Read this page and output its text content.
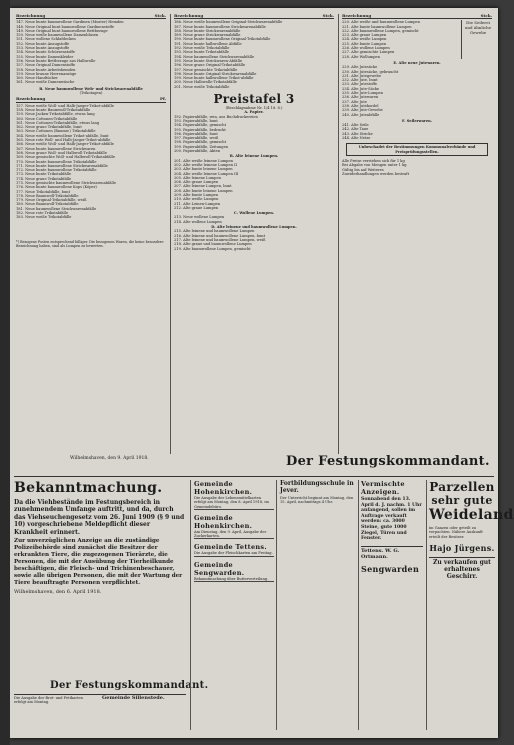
Bezeichnung	Stck.
147. Neue bunte baumwollene Gardinen (Muster) Hemden
148. Neue Original bunt baumwollene Gardinenstoffe
149. Neue Original bunt baumwollene Bettbezuge
150. Neue weiße baumwollene Damenblusen
151. Neue wollene Schlafdecken
152. Neue bunte Anzugstoffe
153. Neue bunte Anzugstoffe
154. Neue bunte Schürzenstoffe
155. Neue bunte Damenkleider
156. Neue bunte Bettbezuge aus Halbwolle
157. Neue Original Damenstoffe
158. Neue bunte Arbeitshemden
159. Neue braune Herrenanzüge
160. Neue Handtücher
161. Neue weiße Damenwäsche
B. Neue baumwollene Web- und Strickwarenabfälle
(Trikotagen)
Bezeichnung	Pf.
157. Neue weiße Woll- und Halb-Jaeger-Trikot-abfälle
158. Neue bunte Baumwoll-Trikotabfälle
159. Neue Jacken-Trikotabfälle, etwas lang
160. Neue Cottonen-Trikotabfälle
161. Neue Cottonen-Trikotabfälle, etwas lang
162. Neue graue Trikotabfälle, bunt
163. Neue Cottonen (Baumw.) Trikotabfälle
164. Neue weiße baumwollene Trikot-abfälle, bunt
165. Neue rote Woll- und Halb-Jaeger-Trikot-abfälle
166. Neue weiße Woll- und Halb-Jaeger-Trikot-abfälle
167. Neue bunte baumwollene Strickwaren
168. Neue graue Woll- und Halbwoll-Trikotabfälle
169. Neue gemischte Woll- und Halbwoll-Trikotabfälle
170. Neue bunte baumwollene Trikotabfälle
171. Neue bunte baumwollene Strickwarenabfälle
172. Neue bunte baumwollene Trikotabfälle
173. Neue bunte Trikotabfälle
174. Neue graue Trikotabfälle
175. Neue gemischte baumwollene Strickwarenabfälle
176. Neue bunte baumwollene Kops (Köper)
177. Neue Trikotabfälle, bunt
178. Neue Baumwoll-Trikotabfälle
179. Neue Original-Trikotabfälle, weiß
180. Neue Baumwoll-Trikotabfälle
181. Neue baumwollene Strickwarenabfälle
182. Neue rote Trikotabfälle
183. Neue weiße Trikotabfälle
*) Bezogene Posten entsprechend billiger. Die bezogenen Waren, die keine besondere Bezeichnung haben, sind als Lumpen zu bewerten.
Bezeichnung	Stck.
186. Neue weiße baumwollene Original-Strickwarenabfälle
187. Neue bunte baumwollene Strickwarenabfälle
188. Neue bunte Strickwarenabfälle
189. Neue graue Strickwarenabfälle
190. Neue bunte baumwollene Original-Trikotabfälle
191. Neue bunte halbwollene Abfälle
192. Neue weiße Trikotabfälle
193. Neue bunte Trikotabfälle
194. Neue baumwollene Strickwarenabfälle
195. Neue bunte Strickwaren-Abfälle
196. Neue graue Original-Trikotabfälle
197. Neue gemischte Trikotabfälle
198. Neue bunte Original-Strickwarenabfälle
199. Neue bunte halbwollene Trikot-abfälle
200. Neue Halbwolle-Trikotabfälle
201. Neue weiße Trikotabfälle
Preistafel 3
(Beschlagnahme Nr. 1/4 18. 8.)
A. Papier.
192. Papierabfälle, rein, aus Buchdruckereien
193. Papierabfälle, bunt
194. Papierabfälle, gemischt
195. Papierabfälle, bedruckt
196. Papierabfälle, bunt
197. Papierabfälle, weiß
198. Papierabfälle, gemischt
199. Papierabfälle, Zeitungen
200. Papierabfälle, Akten
B. Alte leinene Lumpen.
201. Alte weiße leinene Lumpen
202. Alte weiße leinene Lumpen II
203. Alte bunte leinene Lumpen
204. Alte weiße leinene Lumpen III
205. Alte leinene Lumpen
206. Alte graue Lumpen
207. Alte leinene Lumpen, bunt
208. Alte bunte leinene Lumpen
209. Alte bunte Lumpen
210. Alte weiße Lumpen
211. Alte Leinen-Lumpen
212. Alte graue Lumpen
C. Wollene Lumpen.
213. Neue wollene Lumpen
214. Alte wollene Lumpen
D. Alte leinene und baumwollene Lumpen.
215. Alte leinene und baumwollene Lumpen
216. Alte leinene und baumwollene Lumpen, bunt
217. Alte leinene und baumwollene Lumpen, weiß
218. Alte graue und baumwollene Lumpen
219. Alte baumwollene Lumpen, gemischt
Bezeichnung	Stck.
220. Alte weiße und baumwollene Lumpen
221. Alte bunte baumwollene Lumpen
222. Alte baumwollene Lumpen, gemischt
223. Alte graue Lumpen
224. Alte weiße Lumpen
225. Alte bunte Lumpen
226. Alte wollene Lumpen
227. Alte gemischte Lumpen
228. Alte Wollumpen
Die Seilerei und ähnliche Gewebe
E. Alte neue Jutewaren.
229. Alte Jutesäcke
230. Alte Jutesäcke, gebraucht
231. Alte Jutegewebe
232. Alte Jute, bunt
233. Alte Jutestoffe
234. Alte Jute-Säcke
235. Alte Jute-Lumpen
236. Alte Jutewaren
237. Alte Jute
238. Alte Jutekordel
239. Alte Jute-Gewebe
240. Alte Juteabfälle
F. Seilerwaren.
241. Alte Seile
242. Alte Taue
243. Alte Stricke
244. Alte Netze
Unbeschadet der Bestimmungen Kommunalverbände und Preisprüfungsstellen.
Alle Preise verstehen sich für 1 kg
Bei Abgabe von Mengen unter 1 kg
Gültig bis auf Weiteres
Zuwiderhandlungen werden bestraft
Wilhelmshaven, den 9. April 1918.	Der Festungskommandant.
Bekanntmachung.
Da die Viehbestände im Festungsbereich in zunehmendem Umfange auftritt, und da, durch das Viehseuchengesetz vom 26. Juni 1909 (§ 9 und 10) vorgeschriebene Meldepflicht dieser Krankheit erinnert.
Zur unverzüglichen Anzeige an die zuständige Polizeibehörde sind zunächst die Besitzer der erkrankten Tiere, die zugezogenen Tierärzte, die Personen, die mit der Ausübung der Tierheilkunde beschäftigen, die Fleisch- und Trichinenbeschauer, sowie alle übrigen Personen, die mit der Wartung der Tiere beauftragte Personen verpflichtet.
Wilhelmshaven, den 6. April 1918.
Der Festungskommandant.
Die Ausgabe der Brot- und Fettkarten erfolgt am Montag.
Gemeinde Sillenstede.
Gemeinde Hohenkirchen.
Die Ausgabe der Lebensmittelkarten erfolgt am Montag, den 8. April 1918, im Gemeindebüro.
Gemeinde Hohenkirchen.
Am Dienstag, den 9. April, Ausgabe der Zuckerkarten.
Gemeinde Tettens.
Die Ausgabe der Fleischkarten am Freitag.
Gemeinde Sengwarden.
Bekanntmachung über Butterverteilung.
Fortbildungsschule in Jever.
Der Unterricht beginnt am Montag, den 15. April, nachmittags 4 Uhr.
Vermischte Anzeigen.
Sonnabend den 13. April d. J. nachm. 1 Uhr anfangend, sollen im Auftrage verkauft werden: ca. 3000 Steine, gute 1000 Ziegel, Türen und Fenster.
Tettens. W. G. Ortmann.
Sengwarden
Parzellen
sehr gute
Weideland
im Ganzen oder geteilt zu verpachten. Nähere Auskunft erteilt der Besitzer.
Hajo Jürgens.
Zu verkaufen gut erhaltenes Geschirr.
